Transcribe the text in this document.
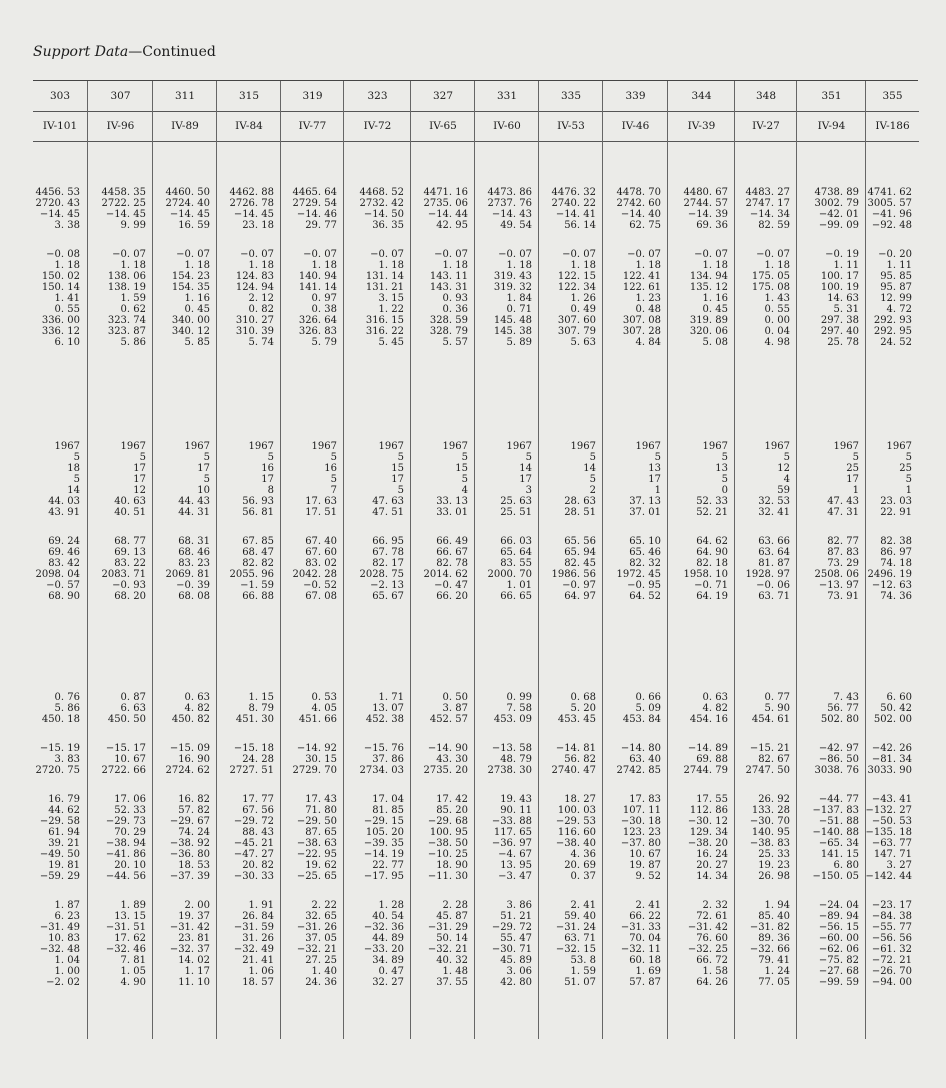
Support Data—Continued
303
IV-101
4456. 53
2720. 43
−14. 45
3. 38
−0. 08
1. 18
150. 02
150. 14
1. 41
0. 55
336. 00
336. 12
6. 10
1967
5
18
5
14
44. 03
43. 91
69. 24
69. 46
83. 42
2098. 04
−0. 57
68. 90
0. 76
5. 86
450. 18
−15. 19
3. 83
2720. 75
16. 79
44. 62
−29. 58
61. 94
39. 21
−49. 50
19. 81
−59. 29
1. 87
6. 23
−31. 49
10. 83
−32. 48
1. 04
1. 00
−2. 02
307
IV-96
4458. 35
2722. 25
−14. 45
9. 99
−0. 07
1. 18
138. 06
138. 19
1. 59
0. 62
323. 74
323. 87
5. 86
1967
5
17
17
12
40. 63
40. 51
68. 77
69. 13
83. 22
2083. 71
−0. 93
68. 20
0. 87
6. 63
450. 50
−15. 17
10. 67
2722. 66
17. 06
52. 33
−29. 73
70. 29
−38. 94
−41. 86
20. 10
−44. 56
1. 89
13. 15
−31. 51
17. 62
−32. 46
7. 81
1. 05
4. 90
311
IV-89
4460. 50
2724. 40
−14. 45
16. 59
−0. 07
1. 18
154. 23
154. 35
1. 16
0. 45
340. 00
340. 12
5. 85
1967
5
17
5
10
44. 43
44. 31
68. 31
68. 46
83. 23
2069. 81
−0. 39
68. 08
0. 63
4. 82
450. 82
−15. 09
16. 90
2724. 62
16. 82
57. 82
−29. 67
74. 24
−38. 92
−36. 80
18. 53
−37. 39
2. 00
19. 37
−31. 42
23. 81
−32. 37
14. 02
1. 17
11. 10
315
IV-84
4462. 88
2726. 78
−14. 45
23. 18
−0. 07
1. 18
124. 83
124. 94
2. 12
0. 82
310. 27
310. 39
5. 74
1967
5
16
17
8
56. 93
56. 81
67. 85
68. 47
82. 82
2055. 96
−1. 59
66. 88
1. 15
8. 79
451. 30
−15. 18
24. 28
2727. 51
17. 77
67. 56
−29. 72
88. 43
−45. 21
−47. 27
20. 82
−30. 33
1. 91
26. 84
−31. 59
31. 26
−32. 49
21. 41
1. 06
18. 57
319
IV-77
4465. 64
2729. 54
−14. 46
29. 77
−0. 07
1. 18
140. 94
141. 14
0. 97
0. 38
326. 64
326. 83
5. 79
1967
5
16
5
7
17. 63
17. 51
67. 40
67. 60
83. 02
2042. 28
−0. 52
67. 08
0. 53
4. 05
451. 66
−14. 92
30. 15
2729. 70
17. 43
71. 80
−29. 50
87. 65
−38. 63
−22. 95
19. 62
−25. 65
2. 22
32. 65
−31. 26
37. 05
−32. 21
27. 25
1. 40
24. 36
323
IV-72
4468. 52
2732. 42
−14. 50
36. 35
−0. 07
1. 18
131. 14
131. 21
3. 15
1. 22
316. 15
316. 22
5. 45
1967
5
15
17
5
47. 63
47. 51
66. 95
67. 78
82. 17
2028. 75
−2. 13
65. 67
1. 71
13. 07
452. 38
−15. 76
37. 86
2734. 03
17. 04
81. 85
−29. 15
105. 20
−39. 35
−14. 19
22. 77
−17. 95
1. 28
40. 54
−32. 36
44. 89
−33. 20
34. 89
0. 47
32. 27
327
IV-65
4471. 16
2735. 06
−14. 44
42. 95
−0. 07
1. 18
143. 11
143. 31
0. 93
0. 36
328. 59
328. 79
5. 57
1967
5
15
5
4
33. 13
33. 01
66. 49
66. 67
82. 78
2014. 62
−0. 47
66. 20
0. 50
3. 87
452. 57
−14. 90
43. 30
2735. 20
17. 42
85. 20
−29. 68
100. 95
−38. 50
−10. 25
18. 90
−11. 30
2. 28
45. 87
−31. 29
50. 14
−32. 21
40. 32
1. 48
37. 55
331
IV-60
4473. 86
2737. 76
−14. 43
49. 54
−0. 07
1. 18
319. 43
319. 32
1. 84
0. 71
145. 48
145. 38
5. 89
1967
5
14
17
3
25. 63
25. 51
66. 03
65. 64
83. 55
2000. 70
1. 01
66. 65
0. 99
7. 58
453. 09
−13. 58
48. 79
2738. 30
19. 43
90. 11
−33. 88
117. 65
−36. 97
−4. 67
13. 95
−3. 47
3. 86
51. 21
−29. 72
55. 47
−30. 71
45. 89
3. 06
42. 80
335
IV-53
4476. 32
2740. 22
−14. 41
56. 14
−0. 07
1. 18
122. 15
122. 34
1. 26
0. 49
307. 60
307. 79
5. 63
1967
5
14
5
2
28. 63
28. 51
65. 56
65. 94
82. 45
1986. 56
−0. 97
64. 97
0. 68
5. 20
453. 45
−14. 81
56. 82
2740. 47
18. 27
100. 03
−29. 53
116. 60
−38. 40
4. 36
20. 69
0. 37
2. 41
59. 40
−31. 24
63. 71
−32. 15
53. 8
1. 59
51. 07
339
IV-46
4478. 70
2742. 60
−14. 40
62. 75
−0. 07
1. 18
122. 41
122. 61
1. 23
0. 48
307. 08
307. 28
4. 84
1967
5
13
17
1
37. 13
37. 01
65. 10
65. 46
82. 32
1972. 45
−0. 95
64. 52
0. 66
5. 09
453. 84
−14. 80
63. 40
2742. 85
17. 83
107. 11
−30. 18
123. 23
−37. 80
10. 67
19. 87
9. 52
2. 41
66. 22
−31. 33
70. 04
−32. 11
60. 18
1. 69
57. 87
344
IV-39
4480. 67
2744. 57
−14. 39
69. 36
−0. 07
1. 18
134. 94
135. 12
1. 16
0. 45
319. 89
320. 06
5. 08
1967
5
13
5
0
52. 33
52. 21
64. 62
64. 90
82. 18
1958. 10
−0. 71
64. 19
0. 63
4. 82
454. 16
−14. 89
69. 88
2744. 79
17. 55
112. 86
−30. 12
129. 34
−38. 20
16. 24
20. 27
14. 34
2. 32
72. 61
−31. 42
76. 60
−32. 25
66. 72
1. 58
64. 26
348
IV-27
4483. 27
2747. 17
−14. 34
82. 59
−0. 07
1. 18
175. 05
175. 08
1. 43
0. 55
0. 00
0. 04
4. 98
1967
5
12
4
59
32. 53
32. 41
63. 66
63. 64
81. 87
1928. 97
−0. 06
63. 71
0. 77
5. 90
454. 61
−15. 21
82. 67
2747. 50
26. 92
133. 28
−30. 70
140. 95
−38. 83
25. 33
19. 23
26. 98
1. 94
85. 40
−31. 82
89. 36
−32. 66
79. 41
1. 24
77. 05
351
IV-94
4738. 89
3002. 79
−42. 01
−99. 09
−0. 19
1. 11
100. 17
100. 19
14. 63
5. 31
297. 38
297. 40
25. 78
1967
5
25
17
1
47. 43
47. 31
82. 77
87. 83
73. 29
2508. 06
−13. 97
73. 91
7. 43
56. 77
502. 80
−42. 97
−86. 50
3038. 76
−44. 77
−137. 83
−51. 88
−140. 88
−65. 34
141. 15
6. 80
−150. 05
−24. 04
−89. 94
−56. 15
−60. 00
−62. 06
−75. 82
−27. 68
−99. 59
355
IV-186
4741. 62
3005. 57
−41. 96
−92. 48
−0. 20
1. 11
95. 85
95. 87
12. 99
4. 72
292. 93
292. 95
24. 52
1967
5
25
5
1
23. 03
22. 91
82. 38
86. 97
74. 18
2496. 19
−12. 63
74. 36
6. 60
50. 42
502. 00
−42. 26
−81. 34
3033. 90
−43. 41
−132. 27
−50. 53
−135. 18
−63. 77
147. 71
3. 27
−142. 44
−23. 17
−84. 38
−55. 77
−56. 56
−61. 32
−72. 21
−26. 70
−94. 00
